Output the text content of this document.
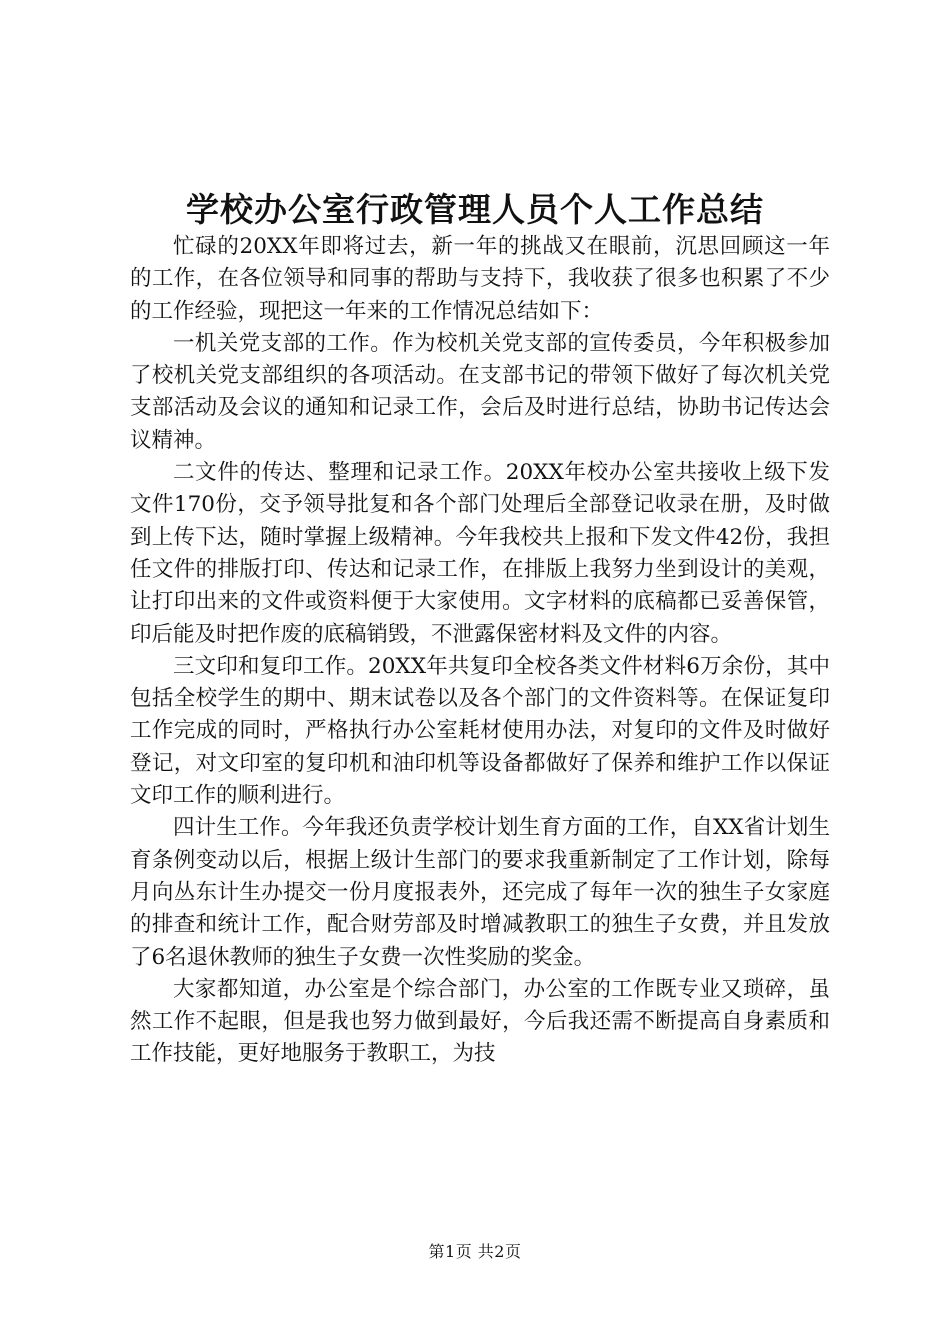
学校办公室行政管理人员个人工作总结

忙碌的20XX年即将过去，新一年的挑战又在眼前，沉思回顾这一年的工作，在各位领导和同事的帮助与支持下，我收获了很多也积累了不少的工作经验，现把这一年来的工作情况总结如下：

一机关党支部的工作。作为校机关党支部的宣传委员，今年积极参加了校机关党支部组织的各项活动。在支部书记的带领下做好了每次机关党支部活动及会议的通知和记录工作，会后及时进行总结，协助书记传达会议精神。

二文件的传达、整理和记录工作。20XX年校办公室共接收上级下发文件170份，交予领导批复和各个部门处理后全部登记收录在册，及时做到上传下达，随时掌握上级精神。今年我校共上报和下发文件42份，我担任文件的排版打印、传达和记录工作，在排版上我努力坐到设计的美观，让打印出来的文件或资料便于大家使用。文字材料的底稿都已妥善保管，印后能及时把作废的底稿销毁，不泄露保密材料及文件的内容。

三文印和复印工作。20XX年共复印全校各类文件材料6万余份，其中包括全校学生的期中、期末试卷以及各个部门的文件资料等。在保证复印工作完成的同时，严格执行办公室耗材使用办法，对复印的文件及时做好登记，对文印室的复印机和油印机等设备都做好了保养和维护工作以保证文印工作的顺利进行。

四计生工作。今年我还负责学校计划生育方面的工作，自XX省计划生育条例变动以后，根据上级计生部门的要求我重新制定了工作计划，除每月向丛东计生办提交一份月度报表外，还完成了每年一次的独生子女家庭的排查和统计工作，配合财劳部及时增减教职工的独生子女费，并且发放了6名退休教师的独生子女费一次性奖励的奖金。

大家都知道，办公室是个综合部门，办公室的工作既专业又琐碎，虽然工作不起眼，但是我也努力做到最好，今后我还需不断提高自身素质和工作技能，更好地服务于教职工，为技

第1页 共2页
